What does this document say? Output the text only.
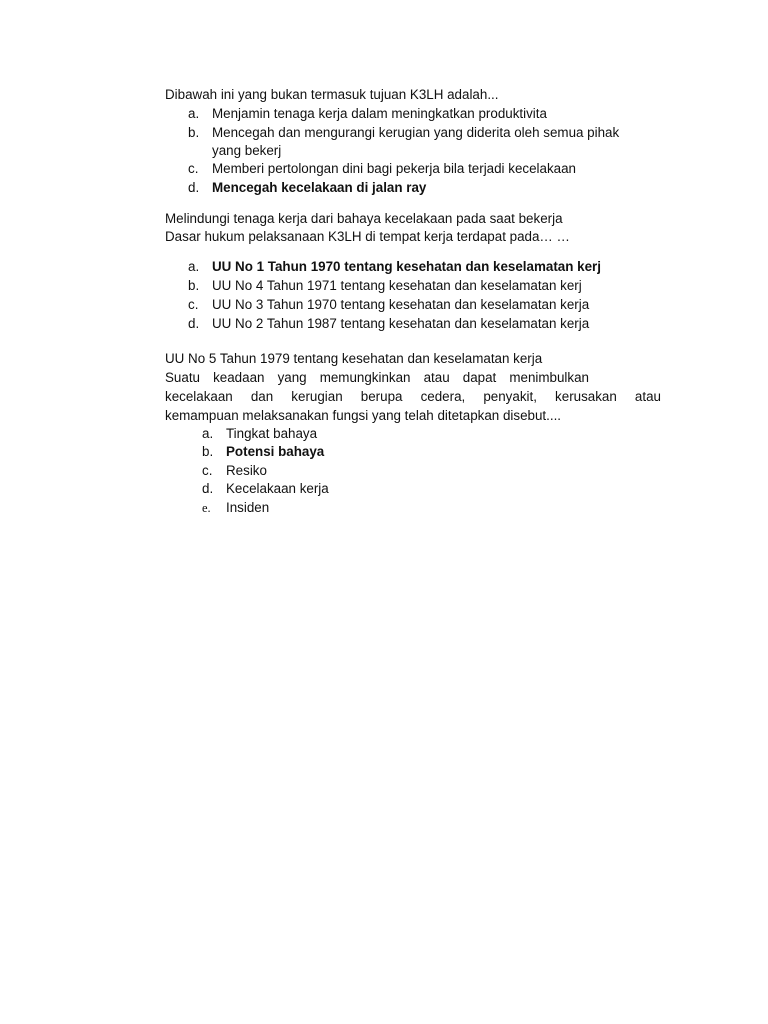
Dibawah ini yang bukan termasuk tujuan K3LH adalah...
a. Menjamin tenaga kerja dalam meningkatkan produktivita
b. Mencegah dan mengurangi kerugian yang diderita oleh semua pihak
yang bekerj
c. Memberi pertolongan dini bagi pekerja bila terjadi kecelakaan
d. Mencegah kecelakaan di jalan ray
Melindungi tenaga kerja dari bahaya kecelakaan pada saat bekerja
Dasar hukum pelaksanaan K3LH di tempat kerja terdapat pada… …
a. UU No 1 Tahun 1970 tentang kesehatan dan keselamatan kerj
b. UU No 4 Tahun 1971 tentang kesehatan dan keselamatan kerj
c. UU No 3 Tahun 1970 tentang kesehatan dan keselamatan kerja
d. UU No 2 Tahun 1987 tentang kesehatan dan keselamatan kerja
UU No 5 Tahun 1979 tentang kesehatan dan keselamatan kerja
Suatu keadaan yang memungkinkan atau dapat menimbulkan
kecelakaan dan kerugian berupa cedera, penyakit, kerusakan atau
kemampuan melaksanakan fungsi yang telah ditetapkan disebut....
a. Tingkat bahaya
b. Potensi bahaya
c. Resiko
d. Kecelakaan kerja
e. Insiden
